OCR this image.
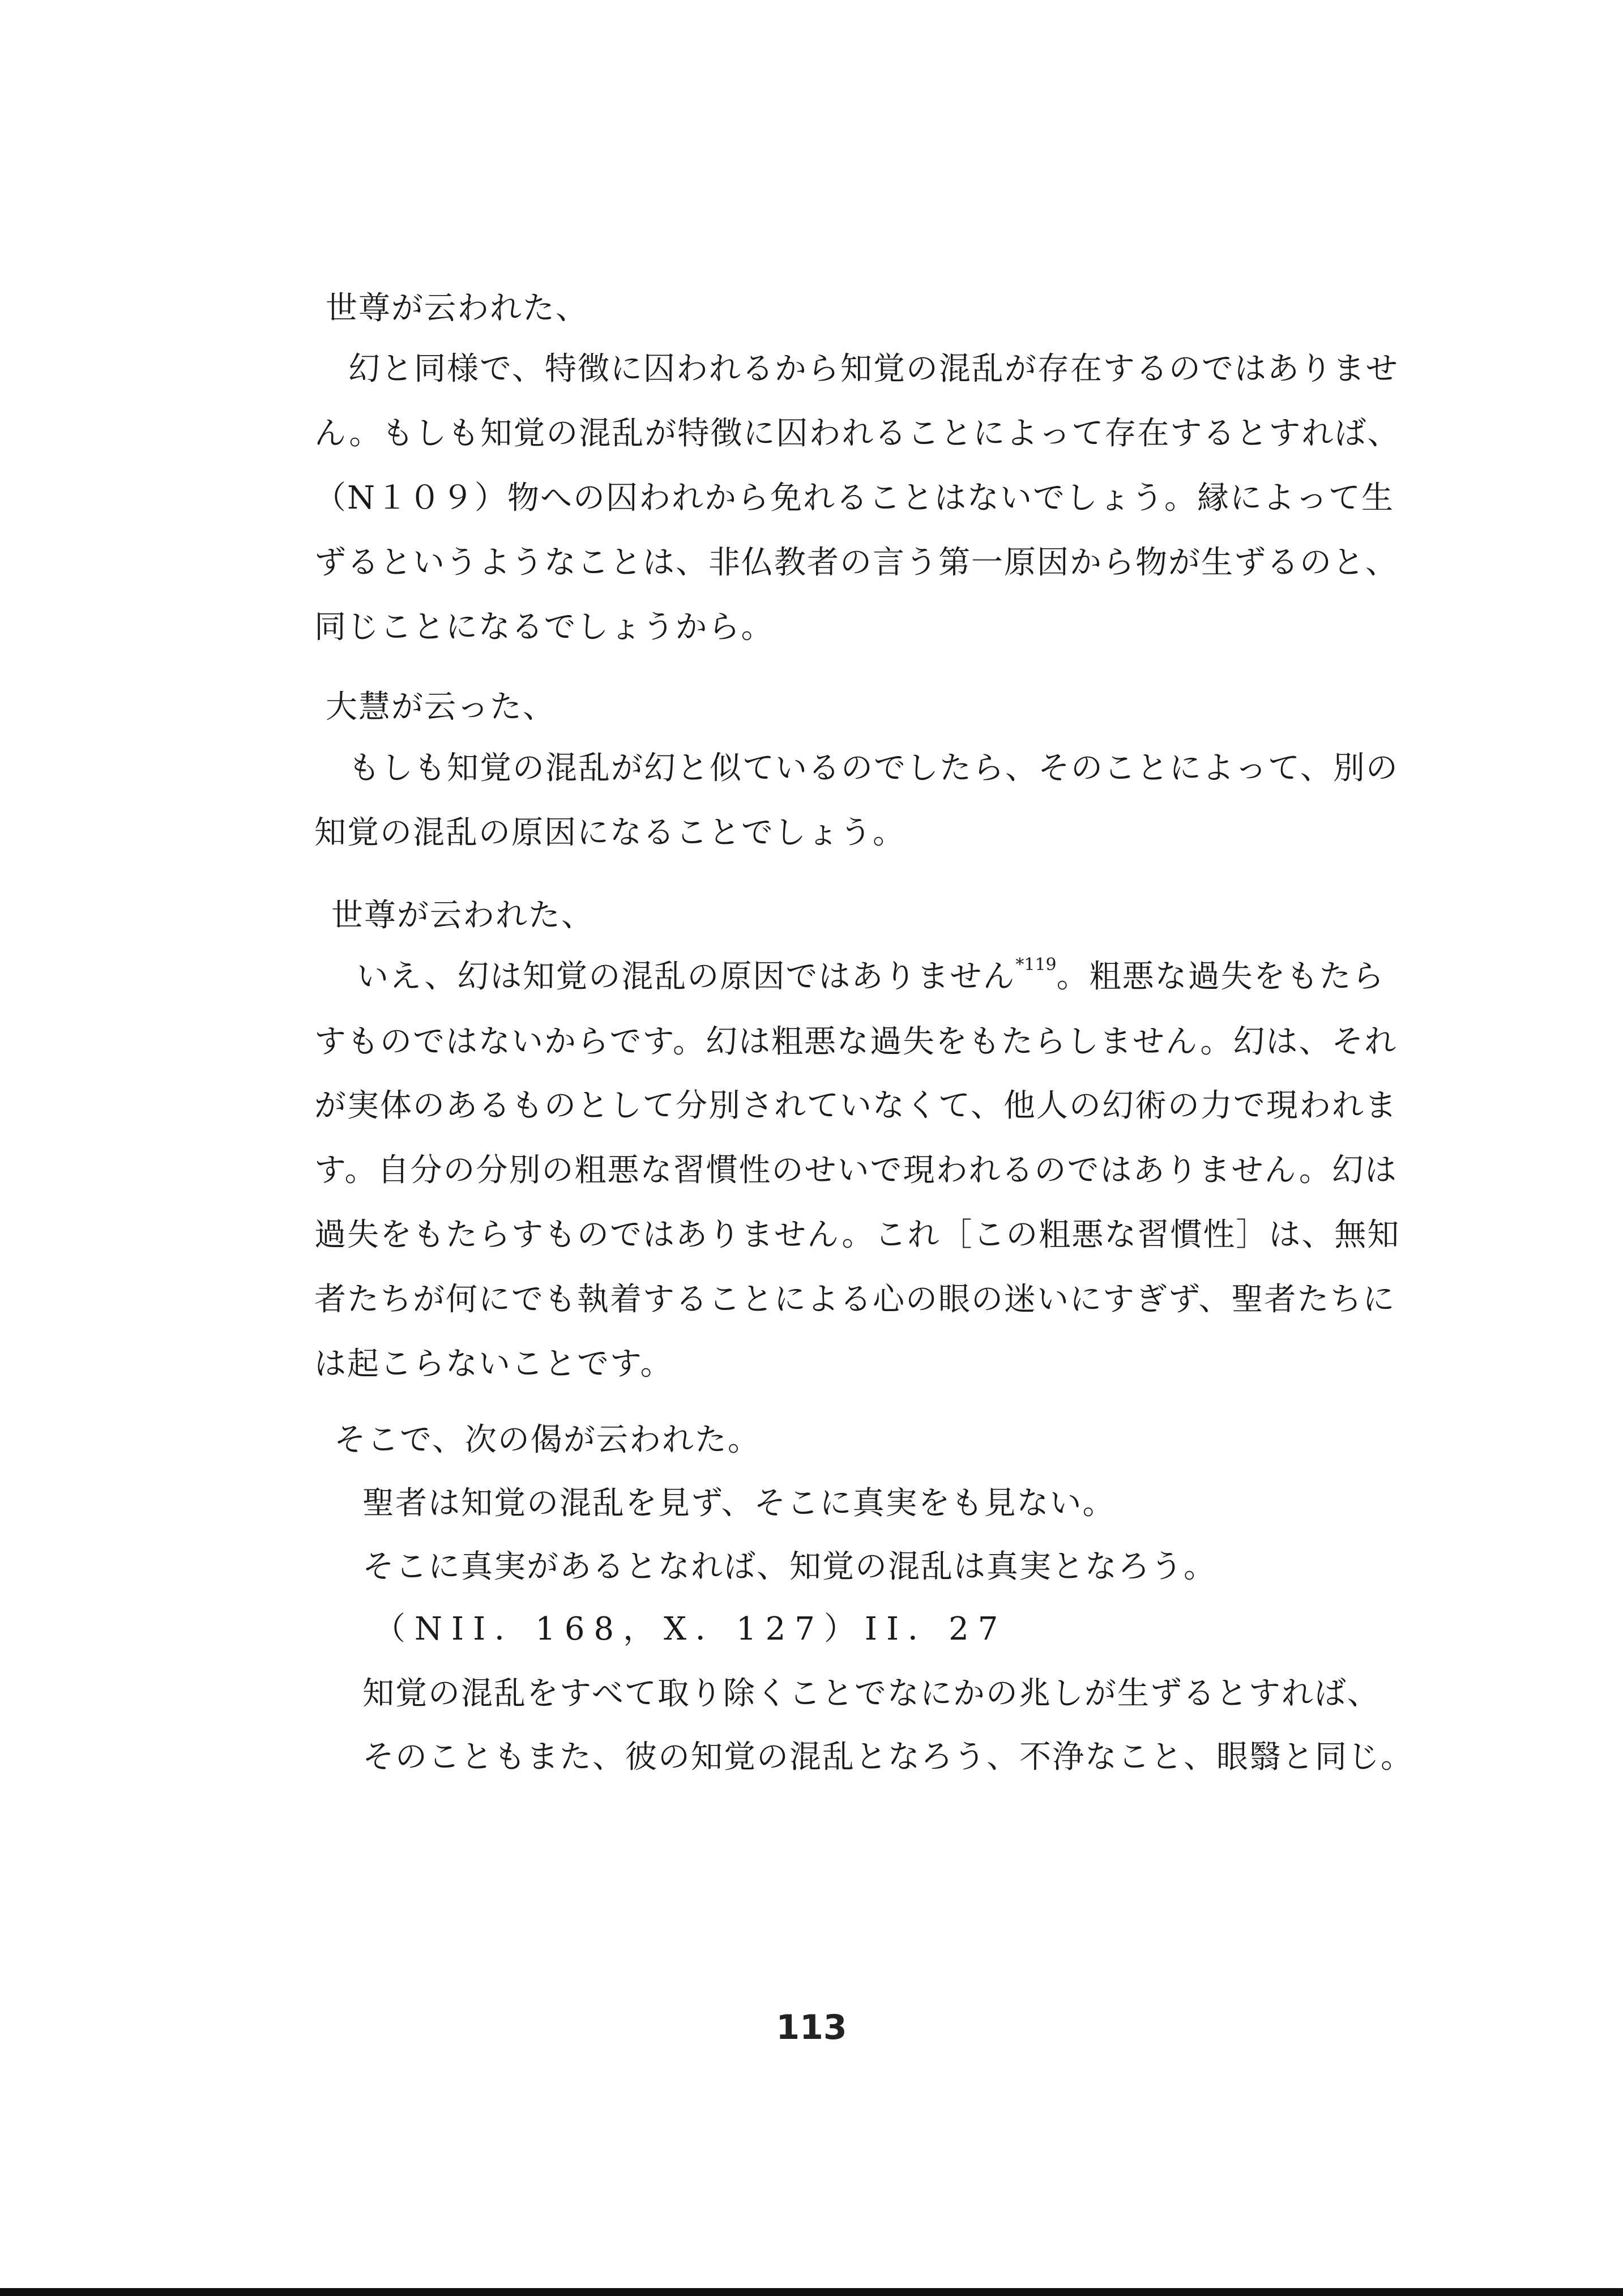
世尊が云われた、
幻と同様で、特徴に囚われるから知覚の混乱が存在するのではありませ
ん。もしも知覚の混乱が特徴に囚われることによって存在するとすれば、
（N１０９）物への囚われから免れることはないでしょう。縁によって生
ずるというようなことは、非仏教者の言う第一原因から物が生ずるのと、
同じことになるでしょうから。
大慧が云った、
もしも知覚の混乱が幻と似ているのでしたら、そのことによって、別の
知覚の混乱の原因になることでしょう。
世尊が云われた、
いえ、幻は知覚の混乱の原因ではありません$^{*119}$。粗悪な過失をもたら
すものではないからです。幻は粗悪な過失をもたらしません。幻は、それ
が実体のあるものとして分別されていなくて、他人の幻術の力で現われま
す。自分の分別の粗悪な習慣性のせいで現われるのではありません。幻は
過失をもたらすものではありません。これ［この粗悪な習慣性］は、無知
者たちが何にでも執着することによる心の眼の迷いにすぎず、聖者たちに
は起こらないことです。
そこで、次の偈が云われた。
聖者は知覚の混乱を見ず、そこに真実をも見ない。
そこに真実があるとなれば、知覚の混乱は真実となろう。
（NII．168，X．127）II．27
知覚の混乱をすべて取り除くことでなにかの兆しが生ずるとすれば、
そのこともまた、彼の知覚の混乱となろう、不浄なこと、眼翳と同じ。
113
